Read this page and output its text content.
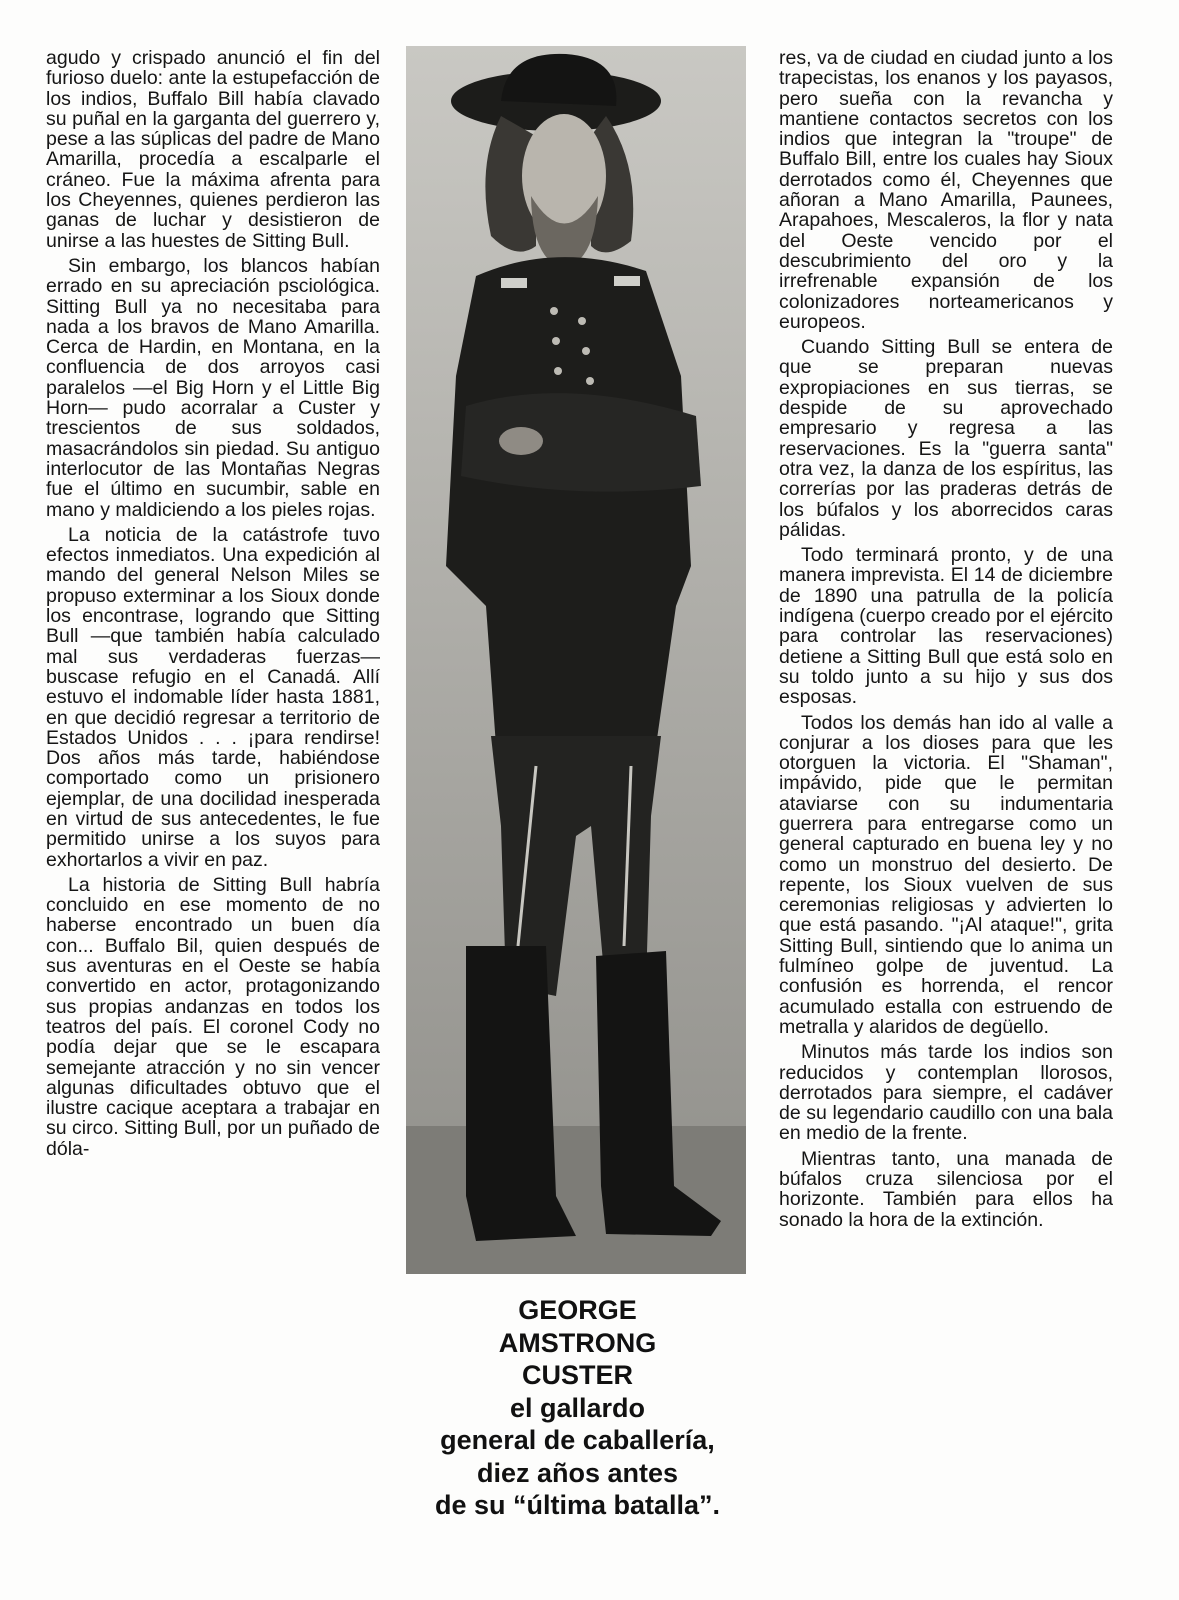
agudo y crispado anunció el fin del furioso duelo: ante la estupefacción de los indios, Buffalo Bill había clavado su puñal en la garganta del guerrero y, pese a las súplicas del padre de Mano Amarilla, procedía a escalparle el cráneo. Fue la máxima afrenta para los Cheyennes, quienes perdieron las ganas de luchar y desistieron de unirse a las huestes de Sitting Bull.

Sin embargo, los blancos habían errado en su apreciación psciológica. Sitting Bull ya no necesitaba para nada a los bravos de Mano Amarilla. Cerca de Hardin, en Montana, en la confluencia de dos arroyos casi paralelos —el Big Horn y el Little Big Horn— pudo acorralar a Custer y trescientos de sus soldados, masacrándolos sin piedad. Su antiguo interlocutor de las Montañas Negras fue el último en sucumbir, sable en mano y maldiciendo a los pieles rojas.

La noticia de la catástrofe tuvo efectos inmediatos. Una expedición al mando del general Nelson Miles se propuso exterminar a los Sioux donde los encontrase, logrando que Sitting Bull —que también había calculado mal sus verdaderas fuerzas— buscase refugio en el Canadá. Allí estuvo el indomable líder hasta 1881, en que decidió regresar a territorio de Estados Unidos . . . ¡para rendirse! Dos años más tarde, habiéndose comportado como un prisionero ejemplar, de una docilidad inesperada en virtud de sus antecedentes, le fue permitido unirse a los suyos para exhortarlos a vivir en paz.

La historia de Sitting Bull habría concluido en ese momento de no haberse encontrado un buen día con... Buffalo Bil, quien después de sus aventuras en el Oeste se había convertido en actor, protagonizando sus propias andanzas en todos los teatros del país. El coronel Cody no podía dejar que se le escapara semejante atracción y no sin vencer algunas dificultades obtuvo que el ilustre cacique aceptara a trabajar en su circo. Sitting Bull, por un puñado de dóla-

GEORGE
AMSTRONG
CUSTER
el gallardo
general de caballería,
diez años antes
de su “última batalla”.

res, va de ciudad en ciudad junto a los trapecistas, los enanos y los payasos, pero sueña con la revancha y mantiene contactos secretos con los indios que integran la "troupe" de Buffalo Bill, entre los cuales hay Sioux derrotados como él, Cheyennes que añoran a Mano Amarilla, Paunees, Arapahoes, Mescaleros, la flor y nata del Oeste vencido por el descubrimiento del oro y la irrefrenable expansión de los colonizadores norteamericanos y europeos.

Cuando Sitting Bull se entera de que se preparan nuevas expropiaciones en sus tierras, se despide de su aprovechado empresario y regresa a las reservaciones. Es la "guerra santa" otra vez, la danza de los espíritus, las correrías por las praderas detrás de los búfalos y los aborrecidos caras pálidas.

Todo terminará pronto, y de una manera imprevista. El 14 de diciembre de 1890 una patrulla de la policía indígena (cuerpo creado por el ejército para controlar las reservaciones) detiene a Sitting Bull que está solo en su toldo junto a su hijo y sus dos esposas.

Todos los demás han ido al valle a conjurar a los dioses para que les otorguen la victoria. El "Shaman", impávido, pide que le permitan ataviarse con su indumentaria guerrera para entregarse como un general capturado en buena ley y no como un monstruo del desierto. De repente, los Sioux vuelven de sus ceremonias religiosas y advierten lo que está pasando. "¡Al ataque!", grita Sitting Bull, sintiendo que lo anima un fulmíneo golpe de juventud. La confusión es horrenda, el rencor acumulado estalla con estruendo de metralla y alaridos de degüello.

Minutos más tarde los indios son reducidos y contemplan llorosos, derrotados para siempre, el cadáver de su legendario caudillo con una bala en medio de la frente.

Mientras tanto, una manada de búfalos cruza silenciosa por el horizonte. También para ellos ha sonado la hora de la extinción.
